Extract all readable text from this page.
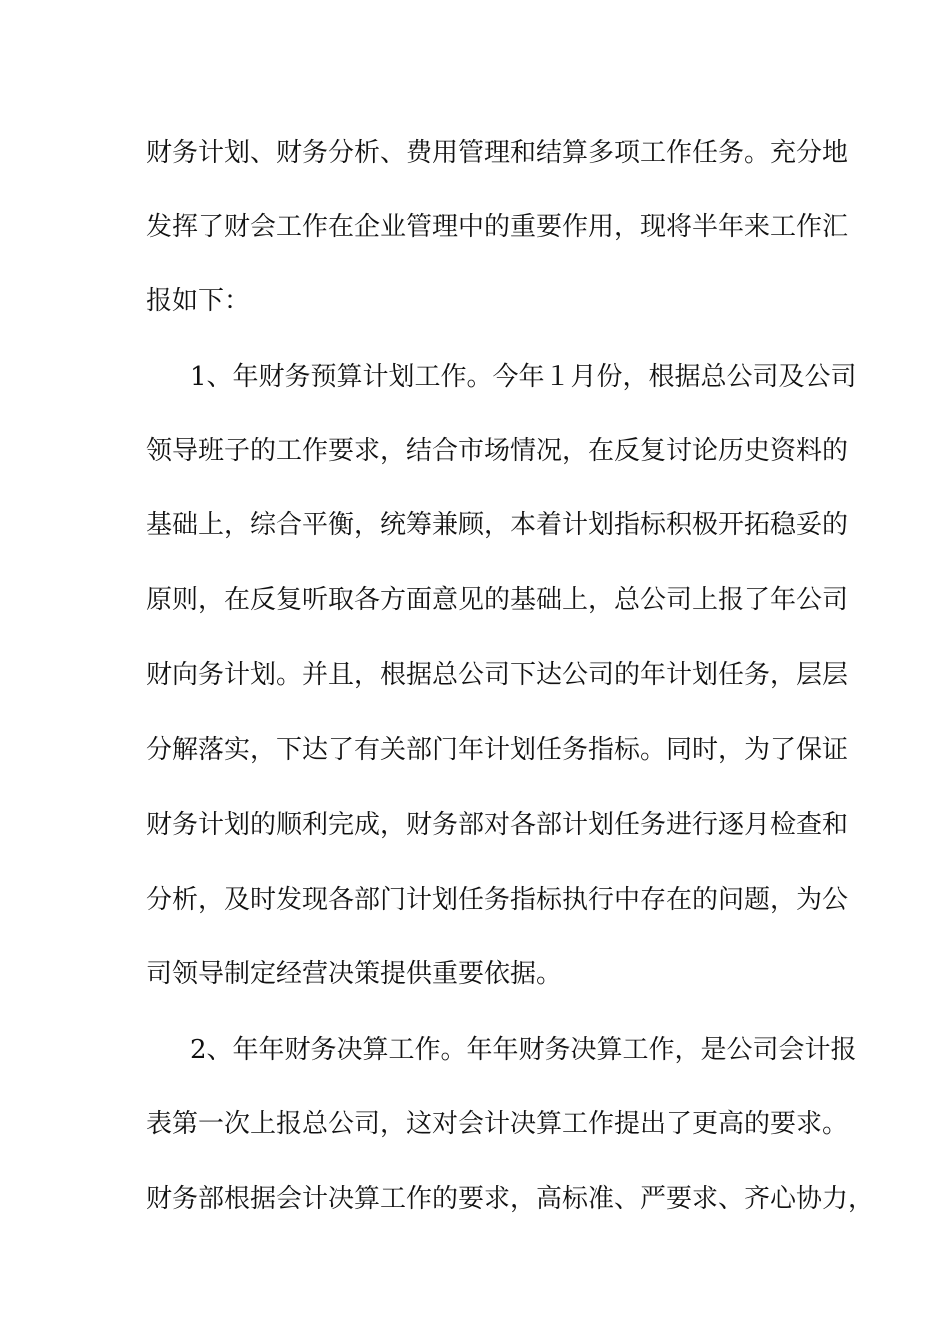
财务计划、财务分析、费用管理和结算多项工作任务。充分地
发挥了财会工作在企业管理中的重要作用，现将半年来工作汇
报如下：
1、年财务预算计划工作。今年１月份，根据总公司及公司
领导班子的工作要求，结合市场情况，在反复讨论历史资料的
基础上，综合平衡，统筹兼顾，本着计划指标积极开拓稳妥的
原则，在反复听取各方面意见的基础上，总公司上报了年公司
财向务计划。并且，根据总公司下达公司的年计划任务，层层
分解落实，下达了有关部门年计划任务指标。同时，为了保证
财务计划的顺利完成，财务部对各部计划任务进行逐月检查和
分析，及时发现各部门计划任务指标执行中存在的问题，为公
司领导制定经营决策提供重要依据。
2、年年财务决算工作。年年财务决算工作，是公司会计报
表第一次上报总公司，这对会计决算工作提出了更高的要求。
财务部根据会计决算工作的要求，高标准、严要求、齐心协力，
